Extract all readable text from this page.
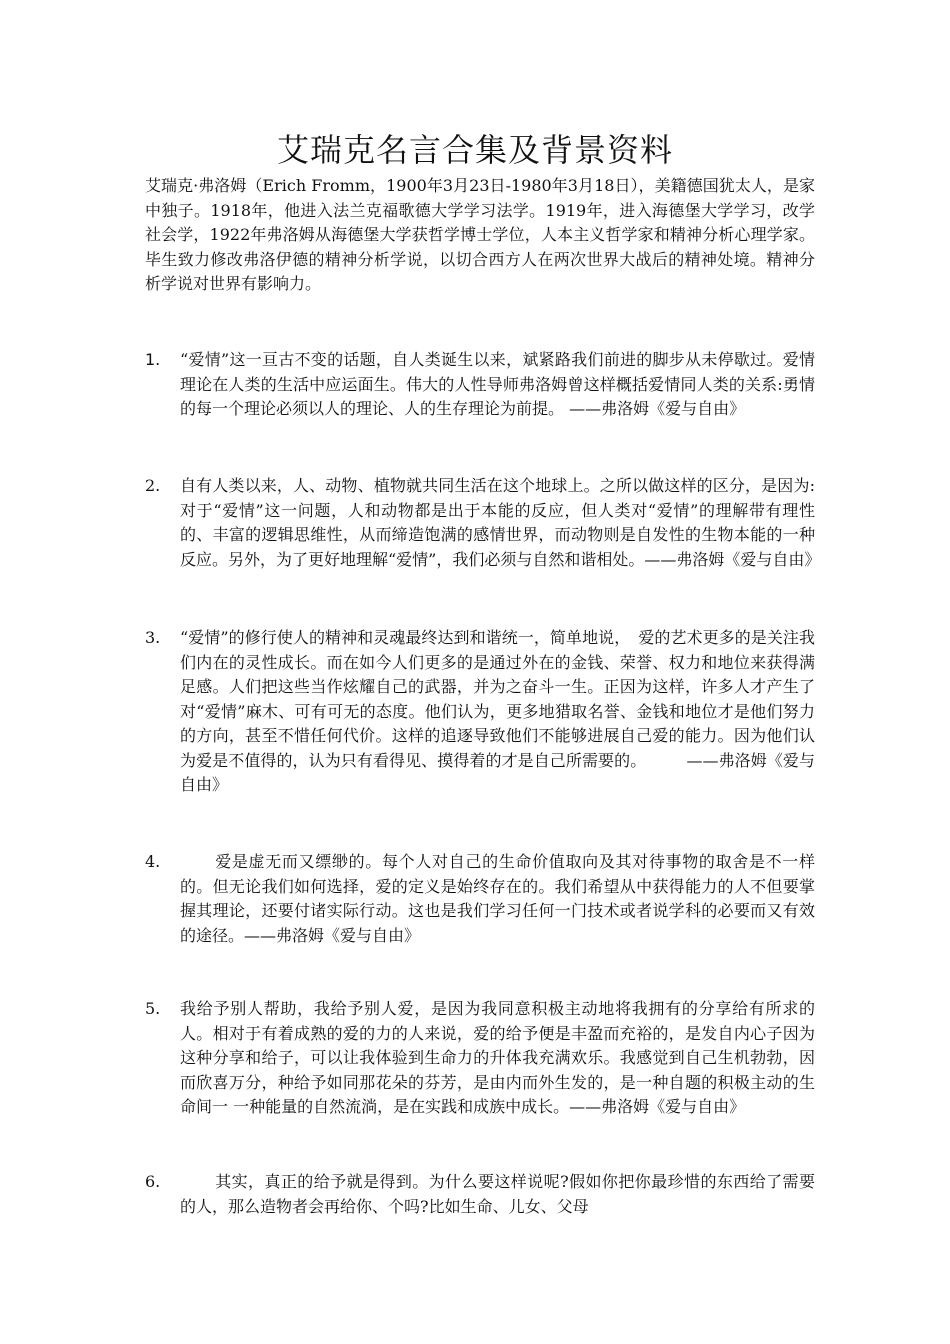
艾瑞克名言合集及背景资料

艾瑞克·弗洛姆（Erich Fromm，1900年3月23日-1980年3月18日），美籍德国犹太人，是家中独子。1918年，他进入法兰克福歌德大学学习法学。1919年，进入海德堡大学学习，改学社会学，1922年弗洛姆从海德堡大学获哲学博士学位，人本主义哲学家和精神分析心理学家。毕生致力修改弗洛伊德的精神分析学说，以切合西方人在两次世界大战后的精神处境。精神分析学说对世界有影响力。

1.	“爱情”这一亘古不变的话题，自人类诞生以来，斌紧路我们前进的脚步从未停歇过。爱情理论在人类的生活中应运面生。伟大的人性导师弗洛姆曾这样概括爱情同人类的关系:勇情的每一个理论必须以人的理论、人的生存理论为前提。 ——弗洛姆《爱与自由》
2.	自有人类以来，人、动物、植物就共同生活在这个地球上。之所以做这样的区分，是因为:对于“爱情”这一问题，人和动物都是出于本能的反应，但人类对“爱情”的理解带有理性的、丰富的逻辑思维性，从而缔造饱满的感情世界，而动物则是自发性的生物本能的一种反应。另外，为了更好地理解“爱情”，我们必须与自然和谐相处。——弗洛姆《爱与自由》
3.	“爱情”的修行使人的精神和灵魂最终达到和谐统一，简单地说，　爱的艺术更多的是关注我们内在的灵性成长。而在如今人们更多的是通过外在的金钱、荣誉、权力和地位来获得满足感。人们把这些当作炫耀自己的武器，并为之奋斗一生。正因为这样，许多人才产生了对“爱情”麻木、可有可无的态度。他们认为，更多地猎取名誉、金钱和地位才是他们努力的方向，甚至不惜任何代价。这样的追逐导致他们不能够进展自己爱的能力。因为他们认为爱是不值得的，认为只有看得见、摸得着的才是自己所需要的。　　　——弗洛姆《爱与自由》
4.	爱是虚无而又缥缈的。每个人对自己的生命价值取向及其对待事物的取舍是不一样的。但无论我们如何选择，爱的定义是始终存在的。我们希望从中获得能力的人不但要掌握其理论，还要付诸实际行动。这也是我们学习任何一门技术或者说学科的必要而又有效的途径。——弗洛姆《爱与自由》
5.	我给予别人帮助，我给予别人爱，是因为我同意积极主动地将我拥有的分享给有所求的人。相对于有着成熟的爱的力的人来说，爱的给予便是丰盈而充裕的，是发自内心子因为这种分享和给子，可以让我体验到生命力的升体我充满欢乐。我感觉到自己生机勃勃，因而欣喜万分，种给予如同那花朵的芬芳，是由内而外生发的，是一种自题的积极主动的生命间一 一种能量的自然流淌，是在实践和成族中成长。——弗洛姆《爱与自由》
6.	其实，真正的给予就是得到。为什么要这样说呢?假如你把你最珍惜的东西给了需要的人，那么造物者会再给你、个吗?比如生命、儿女、父母
